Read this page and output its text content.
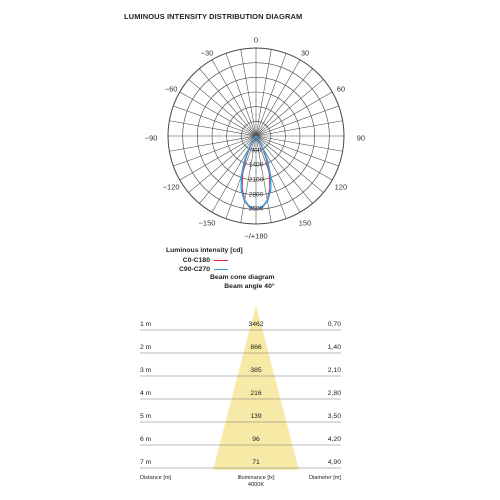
LUMINOUS INTENSITY DISTRIBUTION DIAGRAM
−/+180
−150	150
−120	120
−90	90
−60	60
−30	30
0
700
1400
2100
2800
3500
Luminous intensity [cd]
C0-C180
C90-C270
Beam cone diagram
Beam angle 40°
1 m	3462	0,70
2 m	866	1,40
3 m	385	2,10
4 m	216	2,80
5 m	139	3,50
6 m	96	4,20
7 m	71	4,90
Distance [m]	Illuminance [lx]
4000K
Diameter [m]
